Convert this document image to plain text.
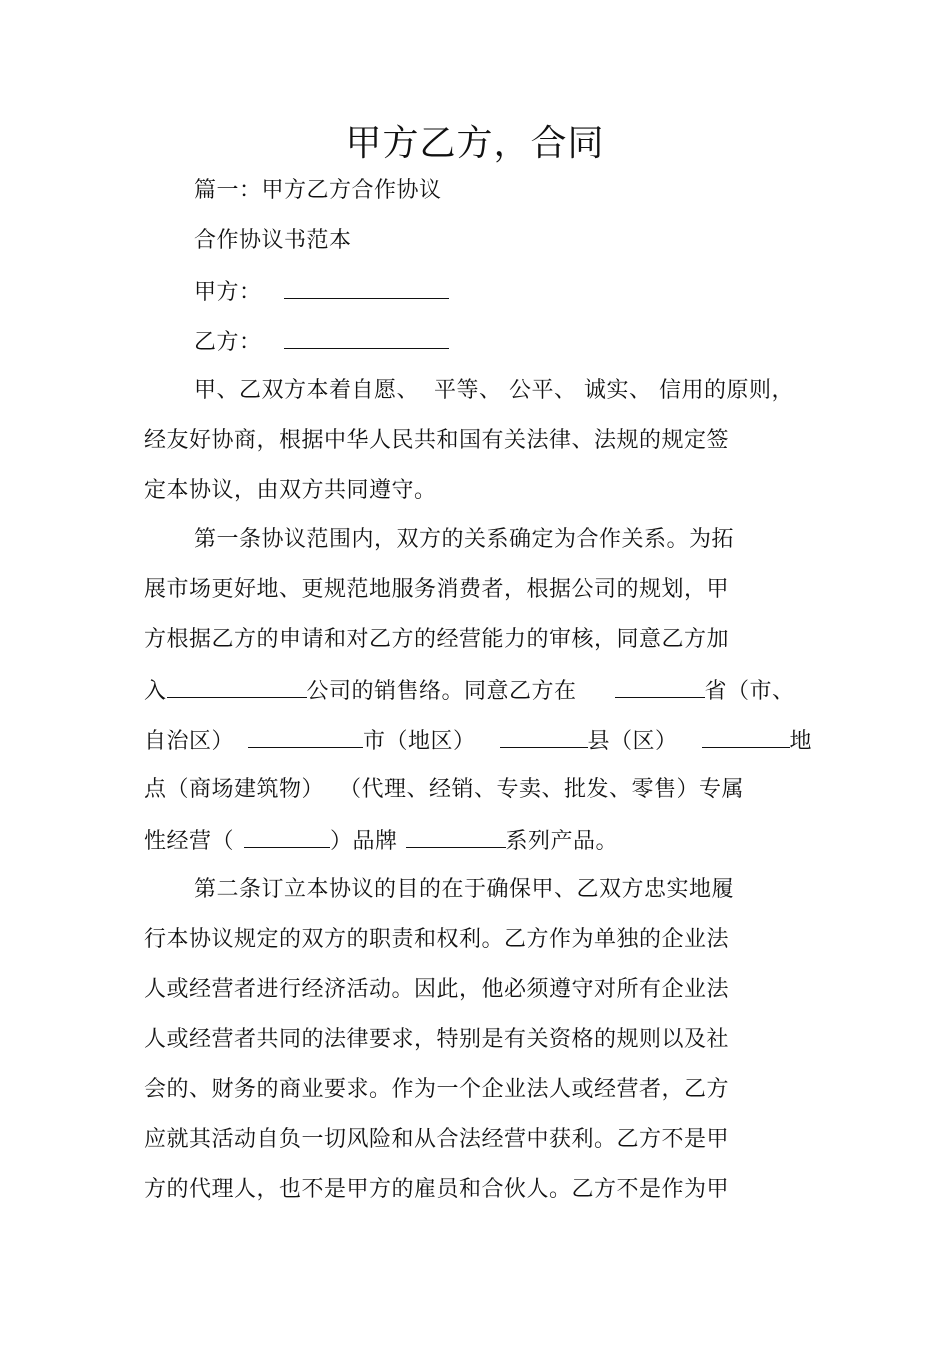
甲方乙方，合同
篇一：甲方乙方合作协议
合作协议书范本
甲方：
乙方：
甲、乙双方本着自愿、  平等、 公平、 诚实、 信用的原则，
经友好协商，根据中华人民共和国有关法律、法规的规定签
定本协议，由双方共同遵守。
第一条协议范围内，双方的关系确定为合作关系。为拓
展市场更好地、更规范地服务消费者，根据公司的规划，甲
方根据乙方的申请和对乙方的经营能力的审核，同意乙方加
入	公司的销售络。同意乙方在	省（市、
自治区）	市（地区）	县（区）	地
点（商场建筑物）  （代理、经销、专卖、批发、零售）专属
性经营（	）品牌	系列产品。
第二条订立本协议的目的在于确保甲、乙双方忠实地履
行本协议规定的双方的职责和权利。乙方作为单独的企业法
人或经营者进行经济活动。因此，他必须遵守对所有企业法
人或经营者共同的法律要求，特别是有关资格的规则以及社
会的、财务的商业要求。作为一个企业法人或经营者，乙方
应就其活动自负一切风险和从合法经营中获利。乙方不是甲
方的代理人，也不是甲方的雇员和合伙人。乙方不是作为甲
